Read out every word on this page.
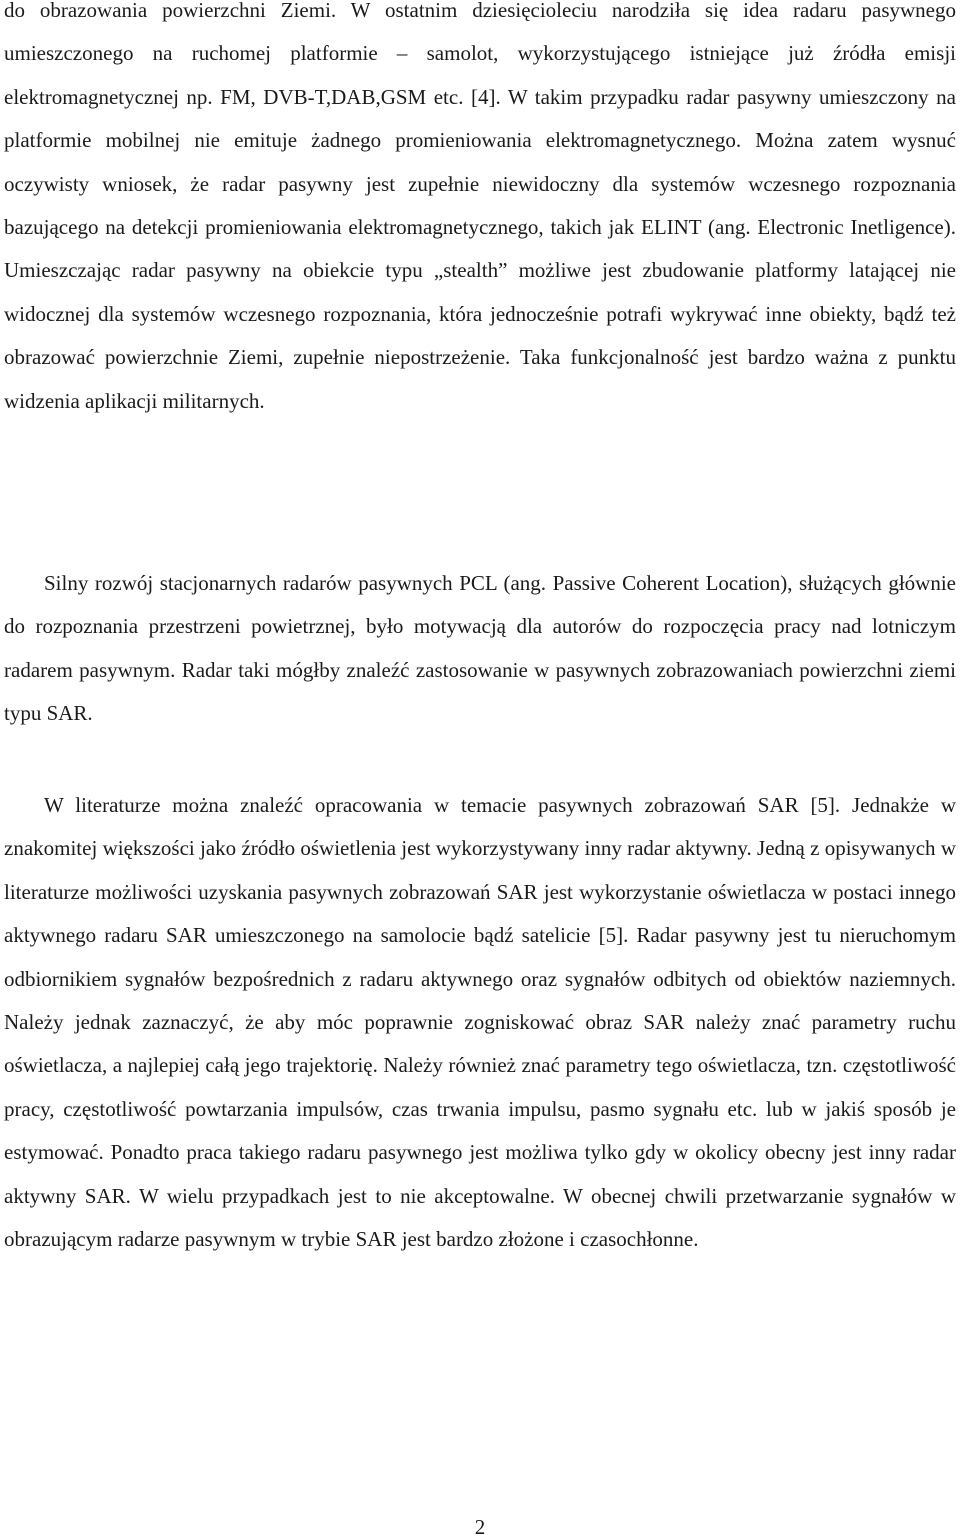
do obrazowania powierzchni Ziemi. W ostatnim dziesięcioleciu narodziła się idea radaru pasywnego umieszczonego na ruchomej platformie – samolot, wykorzystującego istniejące już źródła emisji elektromagnetycznej np. FM, DVB-T,DAB,GSM etc. [4]. W takim przypadku radar pasywny umieszczony na platformie mobilnej nie emituje żadnego promieniowania elektromagnetycznego. Można zatem wysnuć oczywisty wniosek, że radar pasywny jest zupełnie niewidoczny dla systemów wczesnego rozpoznania bazującego na detekcji promieniowania elektromagnetycznego, takich jak ELINT (ang. Electronic Inetligence). Umieszczając radar pasywny na obiekcie typu „stealth” możliwe jest zbudowanie platformy latającej nie widocznej dla systemów wczesnego rozpoznania, która jednocześnie potrafi wykrywać inne obiekty, bądź też obrazować powierzchnie Ziemi, zupełnie niepostrzeżenie. Taka funkcjonalność jest bardzo ważna z punktu widzenia aplikacji militarnych.

Silny rozwój stacjonarnych radarów pasywnych PCL (ang. Passive Coherent Location), służących głównie do rozpoznania przestrzeni powietrznej, było motywacją dla autorów do rozpoczęcia pracy nad lotniczym radarem pasywnym. Radar taki mógłby znaleźć zastosowanie w pasywnych zobrazowaniach powierzchni ziemi typu SAR.

W literaturze można znaleźć opracowania w temacie pasywnych zobrazowań SAR [5]. Jednakże w znakomitej większości jako źródło oświetlenia jest wykorzystywany inny radar aktywny. Jedną z opisywanych w literaturze możliwości uzyskania pasywnych zobrazowań SAR jest wykorzystanie oświetlacza w postaci innego aktywnego radaru SAR umieszczonego na samolocie bądź satelicie [5]. Radar pasywny jest tu nieruchomym odbiornikiem sygnałów bezpośrednich z radaru aktywnego oraz sygnałów odbitych od obiektów naziemnych. Należy jednak zaznaczyć, że aby móc poprawnie zogniskować obraz SAR należy znać parametry ruchu oświetlacza, a najlepiej całą jego trajektorię. Należy również znać parametry tego oświetlacza, tzn. częstotliwość pracy, częstotliwość powtarzania impulsów, czas trwania impulsu, pasmo sygnału etc. lub w jakiś sposób je estymować. Ponadto praca takiego radaru pasywnego jest możliwa tylko gdy w okolicy obecny jest inny radar aktywny SAR. W wielu przypadkach jest to nie akceptowalne. W obecnej chwili przetwarzanie sygnałów w obrazującym radarze pasywnym w trybie SAR jest bardzo złożone i czasochłonne.

2
